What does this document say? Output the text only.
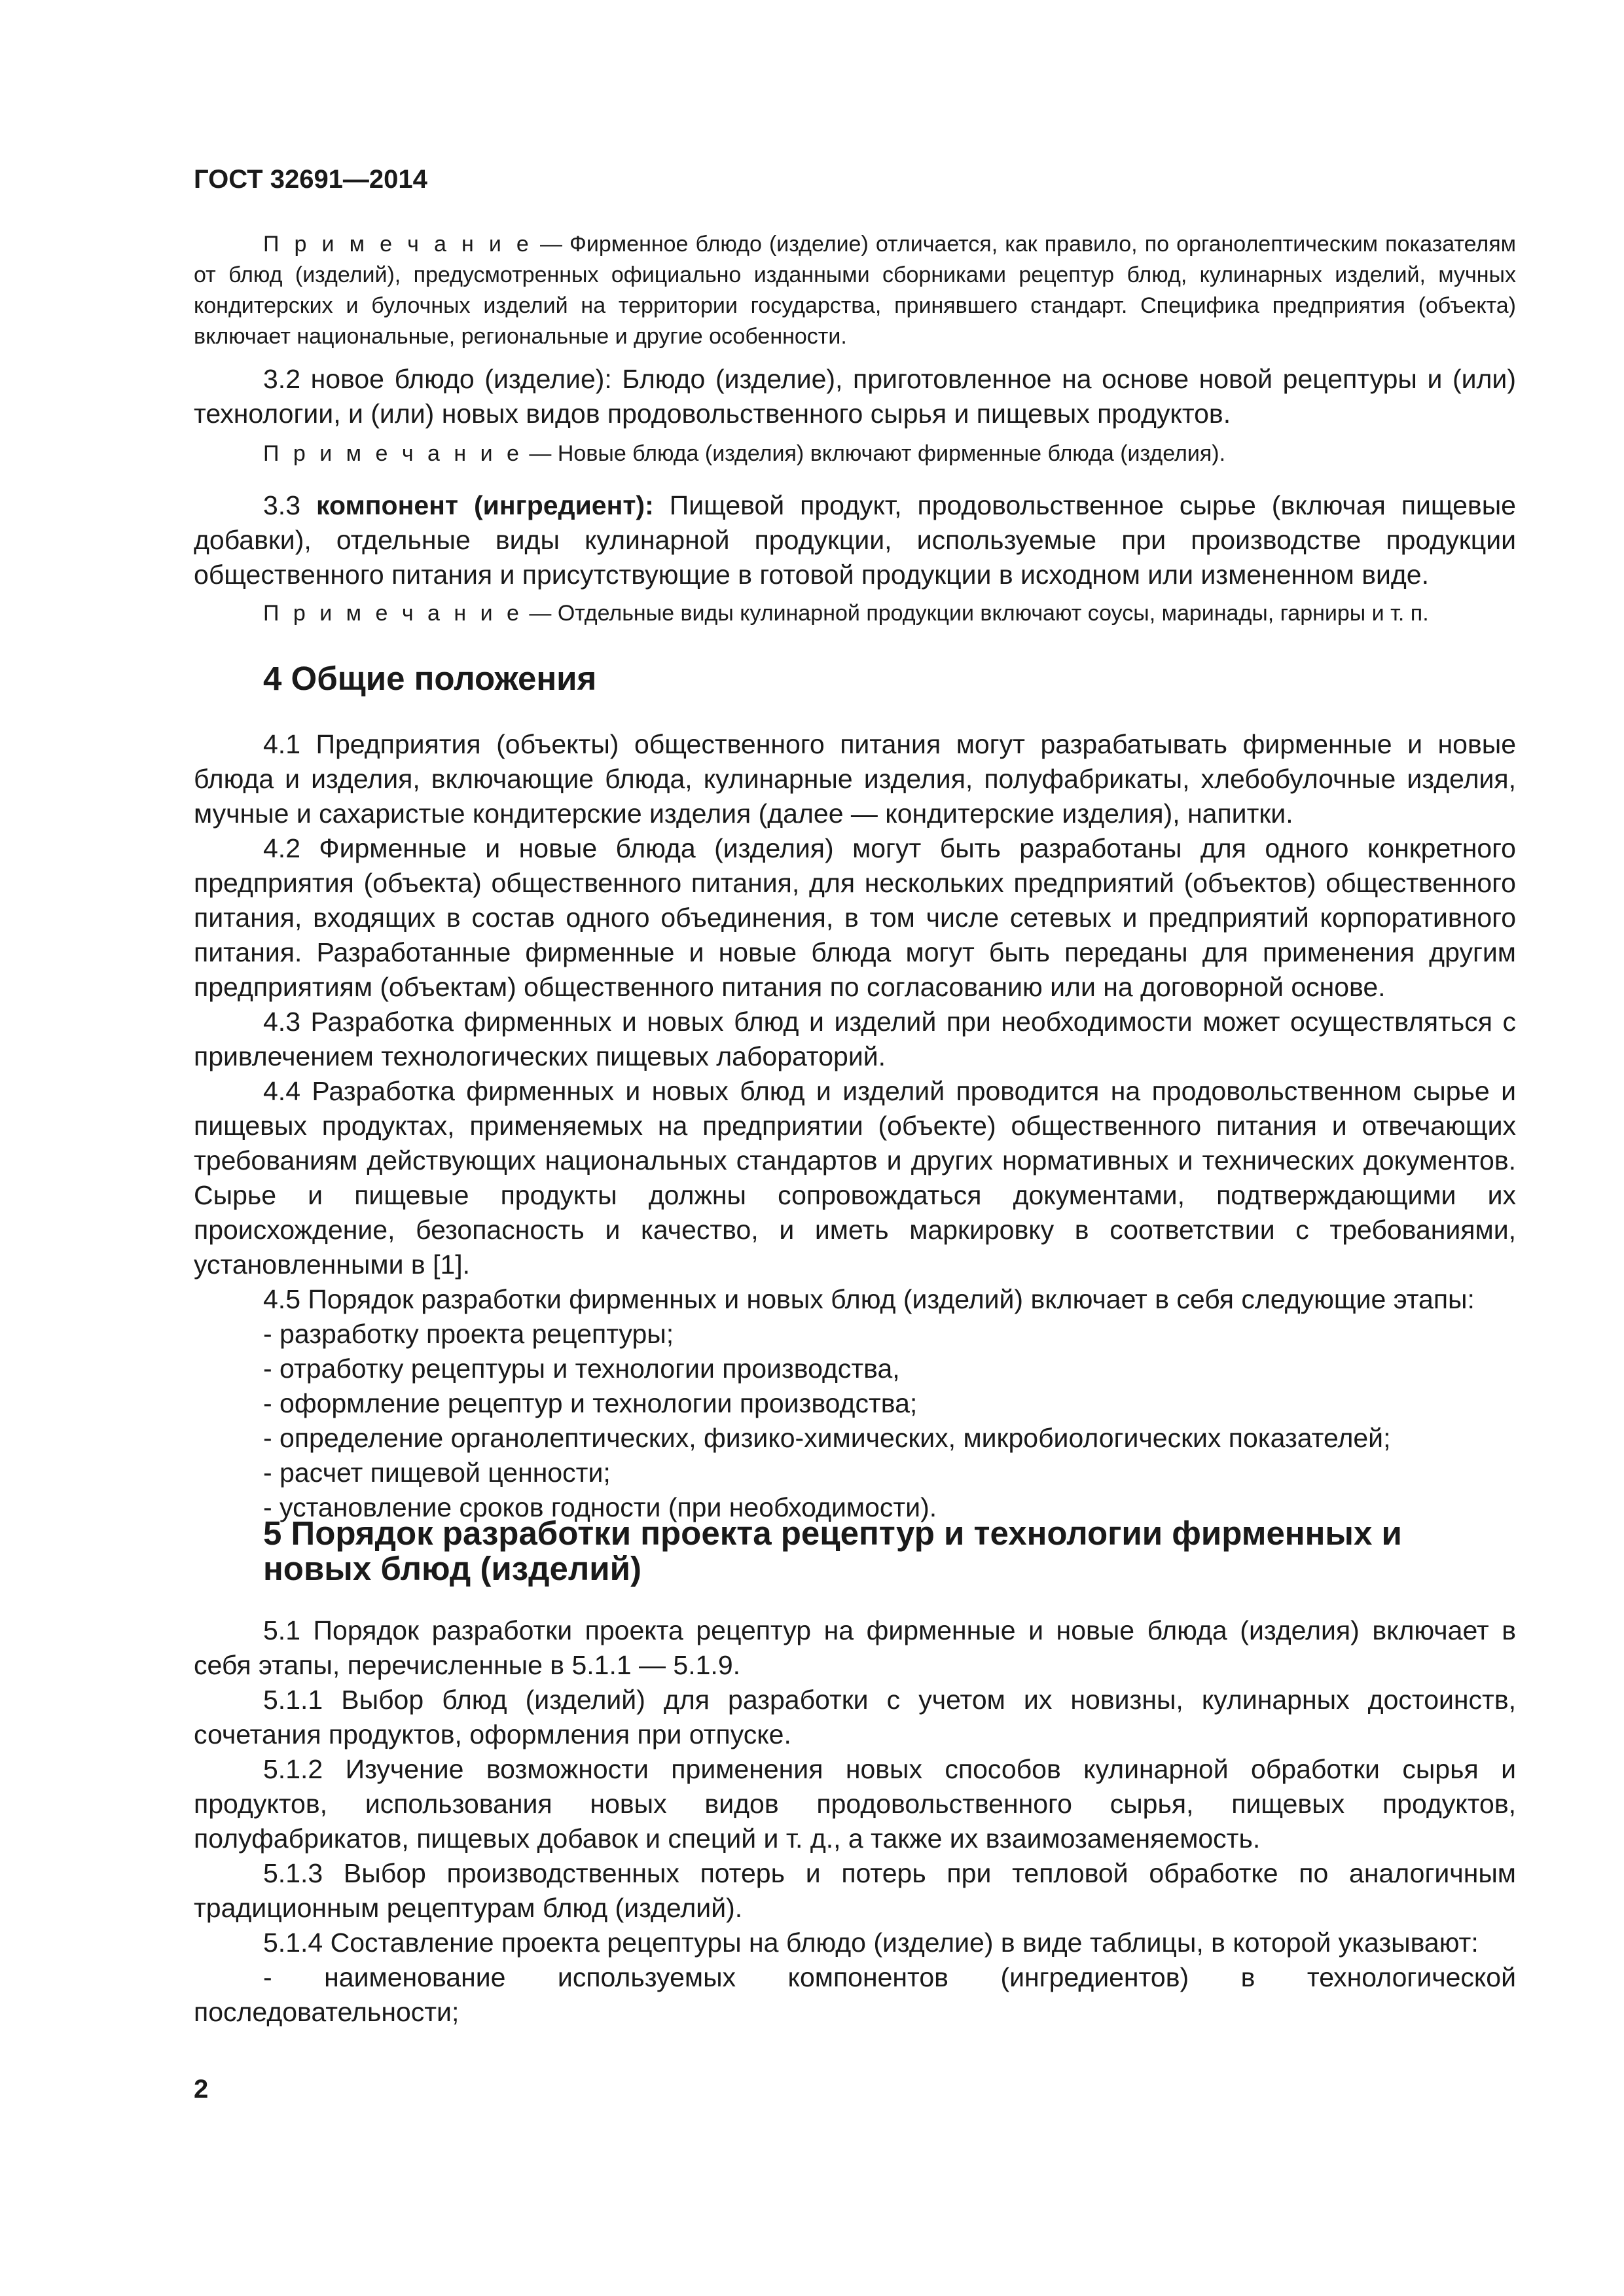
ГОСТ 32691—2014

П р и м е ч а н и е — Фирменное блюдо (изделие) отличается, как правило, по органолептическим показателям от блюд (изделий), предусмотренных официально изданными сборниками рецептур блюд, кулинарных изделий, мучных кондитерских и булочных изделий на территории государства, принявшего стандарт. Специфика предприятия (объекта) включает национальные, региональные и другие особенности.

3.2 новое блюдо (изделие): Блюдо (изделие), приготовленное на основе новой рецептуры и (или) технологии, и (или) новых видов продовольственного сырья и пищевых продуктов.

П р и м е ч а н и е — Новые блюда (изделия) включают фирменные блюда (изделия).

3.3 компонент (ингредиент): Пищевой продукт, продовольственное сырье (включая пищевые добавки), отдельные виды кулинарной продукции, используемые при производстве продукции общественного питания и присутствующие в готовой продукции в исходном или измененном виде.

П р и м е ч а н и е — Отдельные виды кулинарной продукции включают соусы, маринады, гарниры и т. п.

4 Общие положения

4.1 Предприятия (объекты) общественного питания могут разрабатывать фирменные и новые блюда и изделия, включающие блюда, кулинарные изделия, полуфабрикаты, хлебобулочные изделия, мучные и сахаристые кондитерские изделия (далее — кондитерские изделия), напитки.

4.2 Фирменные и новые блюда (изделия) могут быть разработаны для одного конкретного предприятия (объекта) общественного питания, для нескольких предприятий (объектов) общественного питания, входящих в состав одного объединения, в том числе сетевых и предприятий корпоративного питания. Разработанные фирменные и новые блюда могут быть переданы для применения другим предприятиям (объектам) общественного питания по согласованию или на договорной основе.

4.3 Разработка фирменных и новых блюд и изделий при необходимости может осуществляться с привлечением технологических пищевых лабораторий.

4.4 Разработка фирменных и новых блюд и изделий проводится на продовольственном сырье и пищевых продуктах, применяемых на предприятии (объекте) общественного питания и отвечающих требованиям действующих национальных стандартов и других нормативных и технических документов. Сырье и пищевые продукты должны сопровождаться документами, подтверждающими их происхождение, безопасность и качество, и иметь маркировку в соответствии с требованиями, установленными в [1].

4.5 Порядок разработки фирменных и новых блюд (изделий) включает в себя следующие этапы:

- разработку проекта рецептуры;

- отработку рецептуры и технологии производства,

- оформление рецептур и технологии производства;

- определение органолептических, физико-химических, микробиологических показателей;

- расчет пищевой ценности;

- установление сроков годности (при необходимости).

5 Порядок разработки проекта рецептур и технологии фирменных и новых блюд (изделий)

5.1 Порядок разработки проекта рецептур на фирменные и новые блюда (изделия) включает в себя этапы, перечисленные в 5.1.1 — 5.1.9.

5.1.1 Выбор блюд (изделий) для разработки с учетом их новизны, кулинарных достоинств, сочетания продуктов, оформления при отпуске.

5.1.2 Изучение возможности применения новых способов кулинарной обработки сырья и продуктов, использования новых видов продовольственного сырья, пищевых продуктов, полуфабрикатов, пищевых добавок и специй и т. д., а также их взаимозаменяемость.

5.1.3 Выбор производственных потерь и потерь при тепловой обработке по аналогичным традиционным рецептурам блюд (изделий).

5.1.4 Составление проекта рецептуры на блюдо (изделие) в виде таблицы, в которой указывают:

- наименование используемых компонентов (ингредиентов) в технологической последовательности;

2
